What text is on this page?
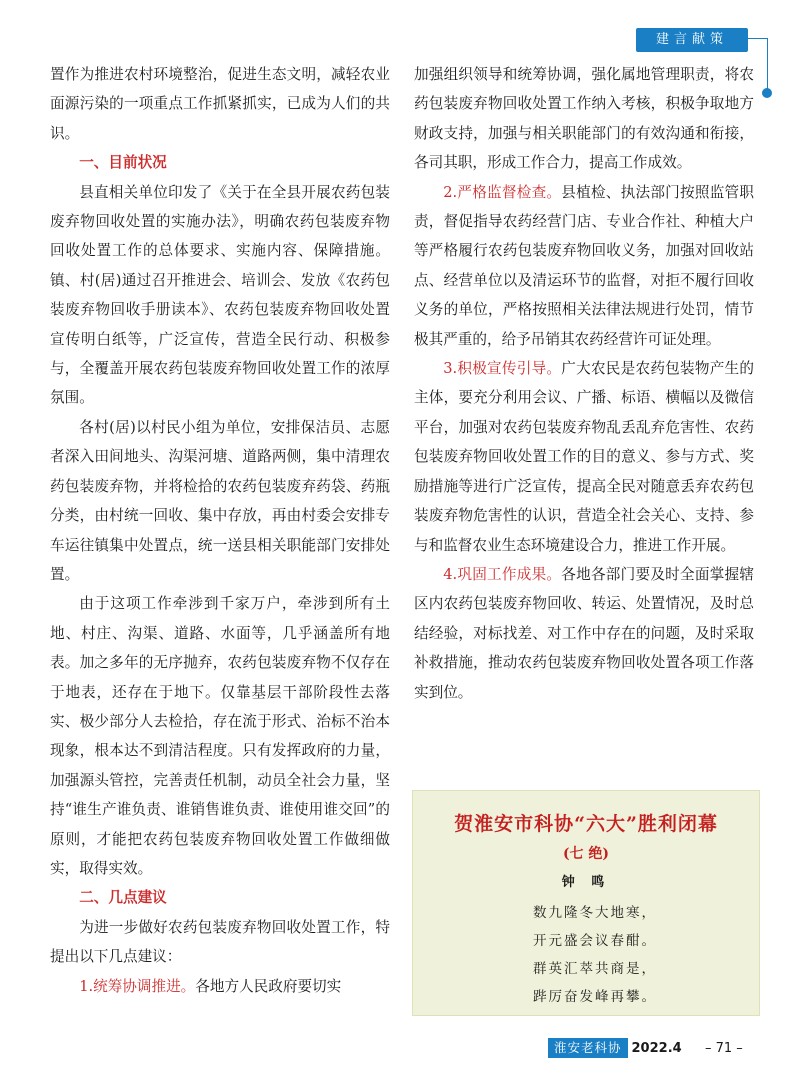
建言献策

置作为推进农村环境整治，促进生态文明，减轻农业面源污染的一项重点工作抓紧抓实，已成为人们的共识。

一、目前状况

县直相关单位印发了《关于在全县开展农药包装废弃物回收处置的实施办法》，明确农药包装废弃物回收处置工作的总体要求、实施内容、保障措施。镇、村(居)通过召开推进会、培训会、发放《农药包装废弃物回收手册读本》、农药包装废弃物回收处置宣传明白纸等，广泛宣传，营造全民行动、积极参与，全覆盖开展农药包装废弃物回收处置工作的浓厚氛围。

各村(居)以村民小组为单位，安排保洁员、志愿者深入田间地头、沟渠河塘、道路两侧，集中清理农药包装废弃物，并将检拾的农药包装废弃药袋、药瓶分类，由村统一回收、集中存放，再由村委会安排专车运往镇集中处置点，统一送县相关职能部门安排处置。

由于这项工作牵涉到千家万户，牵涉到所有土地、村庄、沟渠、道路、水面等，几乎涵盖所有地表。加之多年的无序抛弃，农药包装废弃物不仅存在于地表，还存在于地下。仅靠基层干部阶段性去落实、极少部分人去检拾，存在流于形式、治标不治本现象，根本达不到清洁程度。只有发挥政府的力量，加强源头管控，完善责任机制，动员全社会力量，坚持“谁生产谁负责、谁销售谁负责、谁使用谁交回”的原则，才能把农药包装废弃物回收处置工作做细做实，取得实效。

二、几点建议

为进一步做好农药包装废弃物回收处置工作，特提出以下几点建议：

1.统筹协调推进。各地方人民政府要切实

加强组织领导和统筹协调，强化属地管理职责，将农药包装废弃物回收处置工作纳入考核，积极争取地方财政支持，加强与相关职能部门的有效沟通和衔接，各司其职，形成工作合力，提高工作成效。

2.严格监督检查。县植检、执法部门按照监管职责，督促指导农药经营门店、专业合作社、种植大户等严格履行农药包装废弃物回收义务，加强对回收站点、经营单位以及清运环节的监督，对拒不履行回收义务的单位，严格按照相关法律法规进行处罚，情节极其严重的，给予吊销其农药经营许可证处理。

3.积极宣传引导。广大农民是农药包装物产生的主体，要充分利用会议、广播、标语、横幅以及微信平台，加强对农药包装废弃物乱丢乱弃危害性、农药包装废弃物回收处置工作的目的意义、参与方式、奖励措施等进行广泛宣传，提高全民对随意丢弃农药包装废弃物危害性的认识，营造全社会关心、支持、参与和监督农业生态环境建设合力，推进工作开展。

4.巩固工作成果。各地各部门要及时全面掌握辖区内农药包装废弃物回收、转运、处置情况，及时总结经验，对标找差、对工作中存在的问题，及时采取补救措施，推动农药包装废弃物回收处置各项工作落实到位。

贺淮安市科协“六大”胜利闭幕
(七 绝)
钟 鸣
数九隆冬大地寒，
开元盛会议春酣。
群英汇萃共商是，
跸厉奋发峰再攀。
淮安老科协 2022.4 – 71 –
